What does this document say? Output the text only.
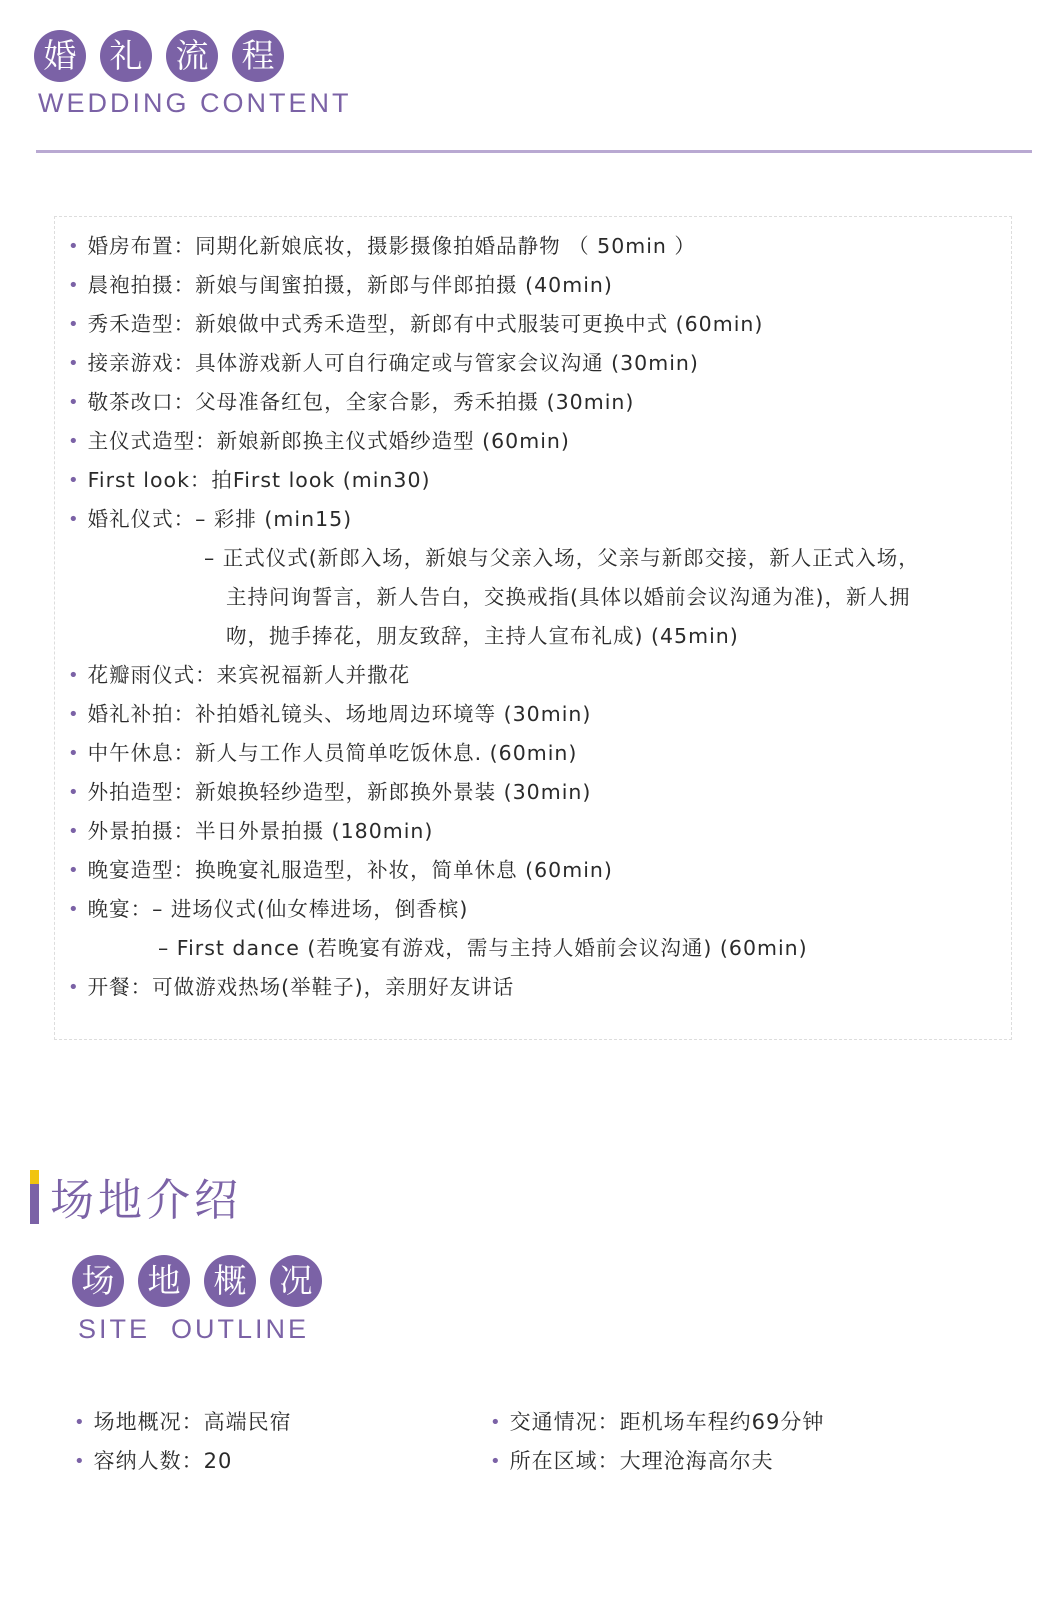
婚 礼 流 程
WEDDING CONTENT
• 婚房布置：同期化新娘底妆，摄影摄像拍婚品静物 （ 50min ）
• 晨袍拍摄：新娘与闺蜜拍摄，新郎与伴郎拍摄 (40min)
• 秀禾造型：新娘做中式秀禾造型，新郎有中式服装可更换中式 (60min)
• 接亲游戏：具体游戏新人可自行确定或与管家会议沟通 (30min)
• 敬茶改口：父母准备红包，全家合影，秀禾拍摄 (30min)
• 主仪式造型：新娘新郎换主仪式婚纱造型 (60min)
• First look：拍First look (min30)
• 婚礼仪式：– 彩排 (min15)
– 正式仪式(新郎入场，新娘与父亲入场，父亲与新郎交接，新人正式入场，
主持问询誓言，新人告白，交换戒指(具体以婚前会议沟通为准)，新人拥
吻，抛手捧花，朋友致辞，主持人宣布礼成) (45min)
• 花瓣雨仪式：来宾祝福新人并撒花
• 婚礼补拍：补拍婚礼镜头、场地周边环境等 (30min)
• 中午休息：新人与工作人员简单吃饭休息. (60min)
• 外拍造型：新娘换轻纱造型，新郎换外景装 (30min)
• 外景拍摄：半日外景拍摄 (180min)
• 晚宴造型：换晚宴礼服造型，补妆，简单休息 (60min)
• 晚宴：– 进场仪式(仙女棒进场，倒香槟)
– First dance (若晚宴有游戏，需与主持人婚前会议沟通) (60min)
• 开餐：可做游戏热场(举鞋子)，亲朋好友讲话
场地介绍
场 地 概 况
SITE  OUTLINE
• 场地概况：高端民宿	• 交通情况：距机场车程约69分钟
• 容纳人数：20	• 所在区域：大理沧海高尔夫
